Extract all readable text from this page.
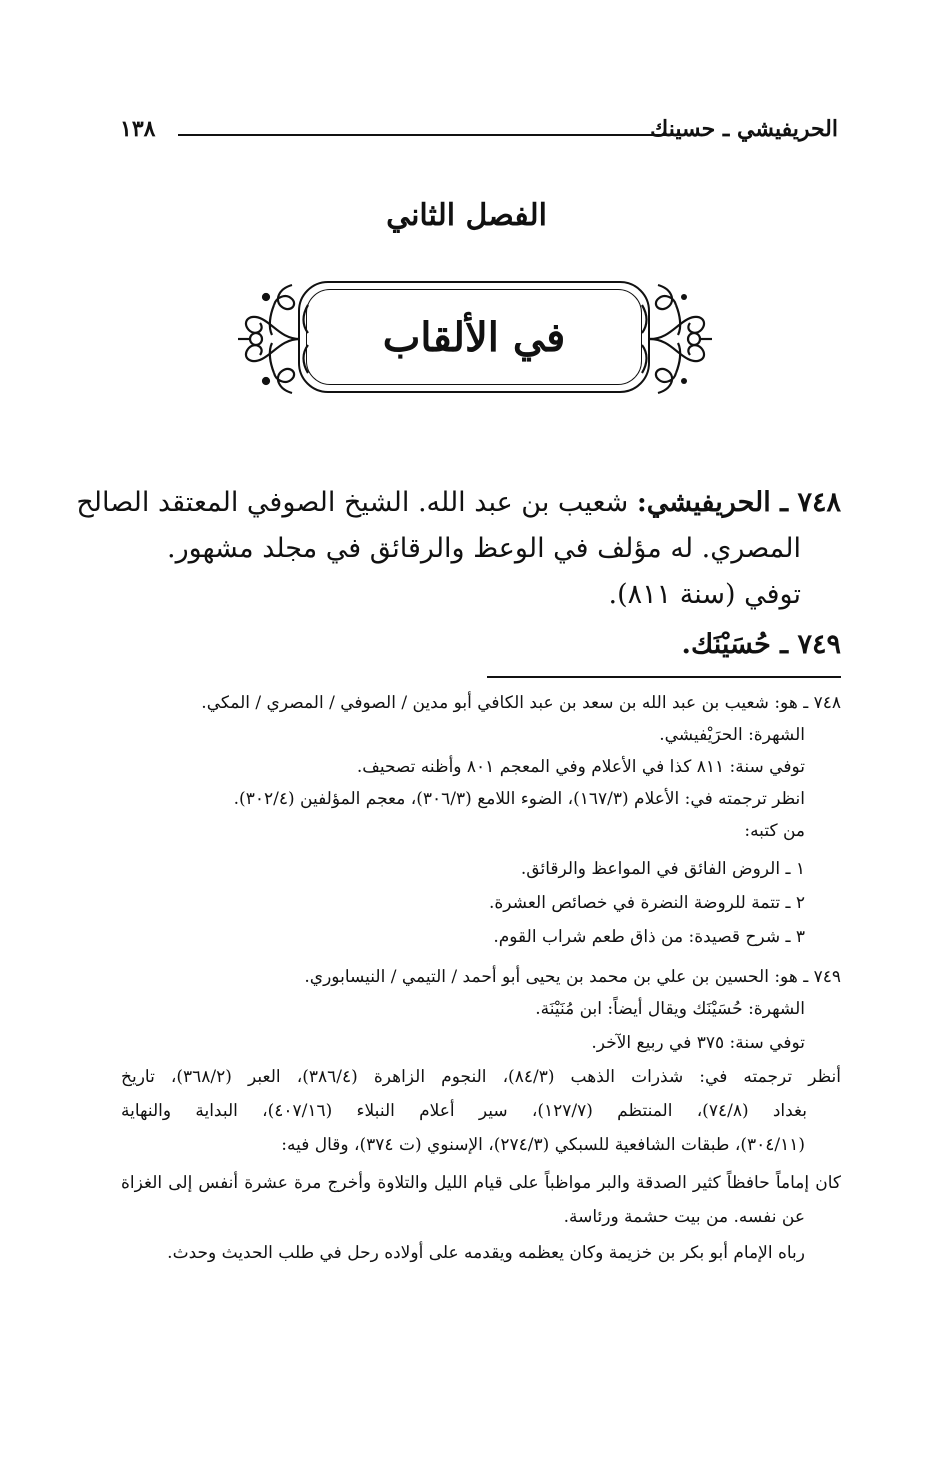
الحريفيشي ـ حسينك
١٣٨
الفصل الثاني
في الألقاب
٧٤٨ ـ الحريفيشي: شعيب بن عبد الله. الشيخ الصوفي المعتقد الصالح
المصري. له مؤلف في الوعظ والرقائق في مجلد مشهور.
توفي (سنة ٨١١).
٧٤٩ ـ حُسَيْنَك.
٧٤٨ ـ هو: شعيب بن عبد الله بن سعد بن عبد الكافي أبو مدين / الصوفي / المصري / المكي.
الشهرة: الحرَيْفيشي.
توفي سنة: ٨١١ كذا في الأعلام وفي المعجم ٨٠١ وأظنه تصحيف.
انظر ترجمته في: الأعلام (١٦٧/٣)، الضوء اللامع (٣٠٦/٣)، معجم المؤلفين (٣٠٢/٤).
من كتبه:
١ ـ الروض الفائق في المواعظ والرقائق.
٢ ـ تتمة للروضة النضرة في خصائص العشرة.
٣ ـ شرح قصيدة: من ذاق طعم شراب القوم.
٧٤٩ ـ هو: الحسين بن علي بن محمد بن يحيى أبو أحمد / التيمي / النيسابوري.
الشهرة: حُسَيْنَك ويقال أيضاً: ابن مُنَيْنَة.
توفي سنة: ٣٧٥ في ربيع الآخر.
أنظر ترجمته في: شذرات الذهب (٨٤/٣)، النجوم الزاهرة (٣٨٦/٤)، العبر (٣٦٨/٢)، تاريخ
بغداد (٧٤/٨)، المنتظم (١٢٧/٧)، سير أعلام النبلاء (٤٠٧/١٦)، البداية والنهاية
(٣٠٤/١١)، طبقات الشافعية للسبكي (٢٧٤/٣)، الإسنوي (ت ٣٧٤)، وقال فيه:
كان إماماً حافظاً كثير الصدقة والبر مواظباً على قيام الليل والتلاوة وأخرج مرة عشرة أنفس إلى الغزاة
عن نفسه. من بيت حشمة ورئاسة.
رباه الإمام أبو بكر بن خزيمة وكان يعظمه ويقدمه على أولاده رحل في طلب الحديث وحدث.
